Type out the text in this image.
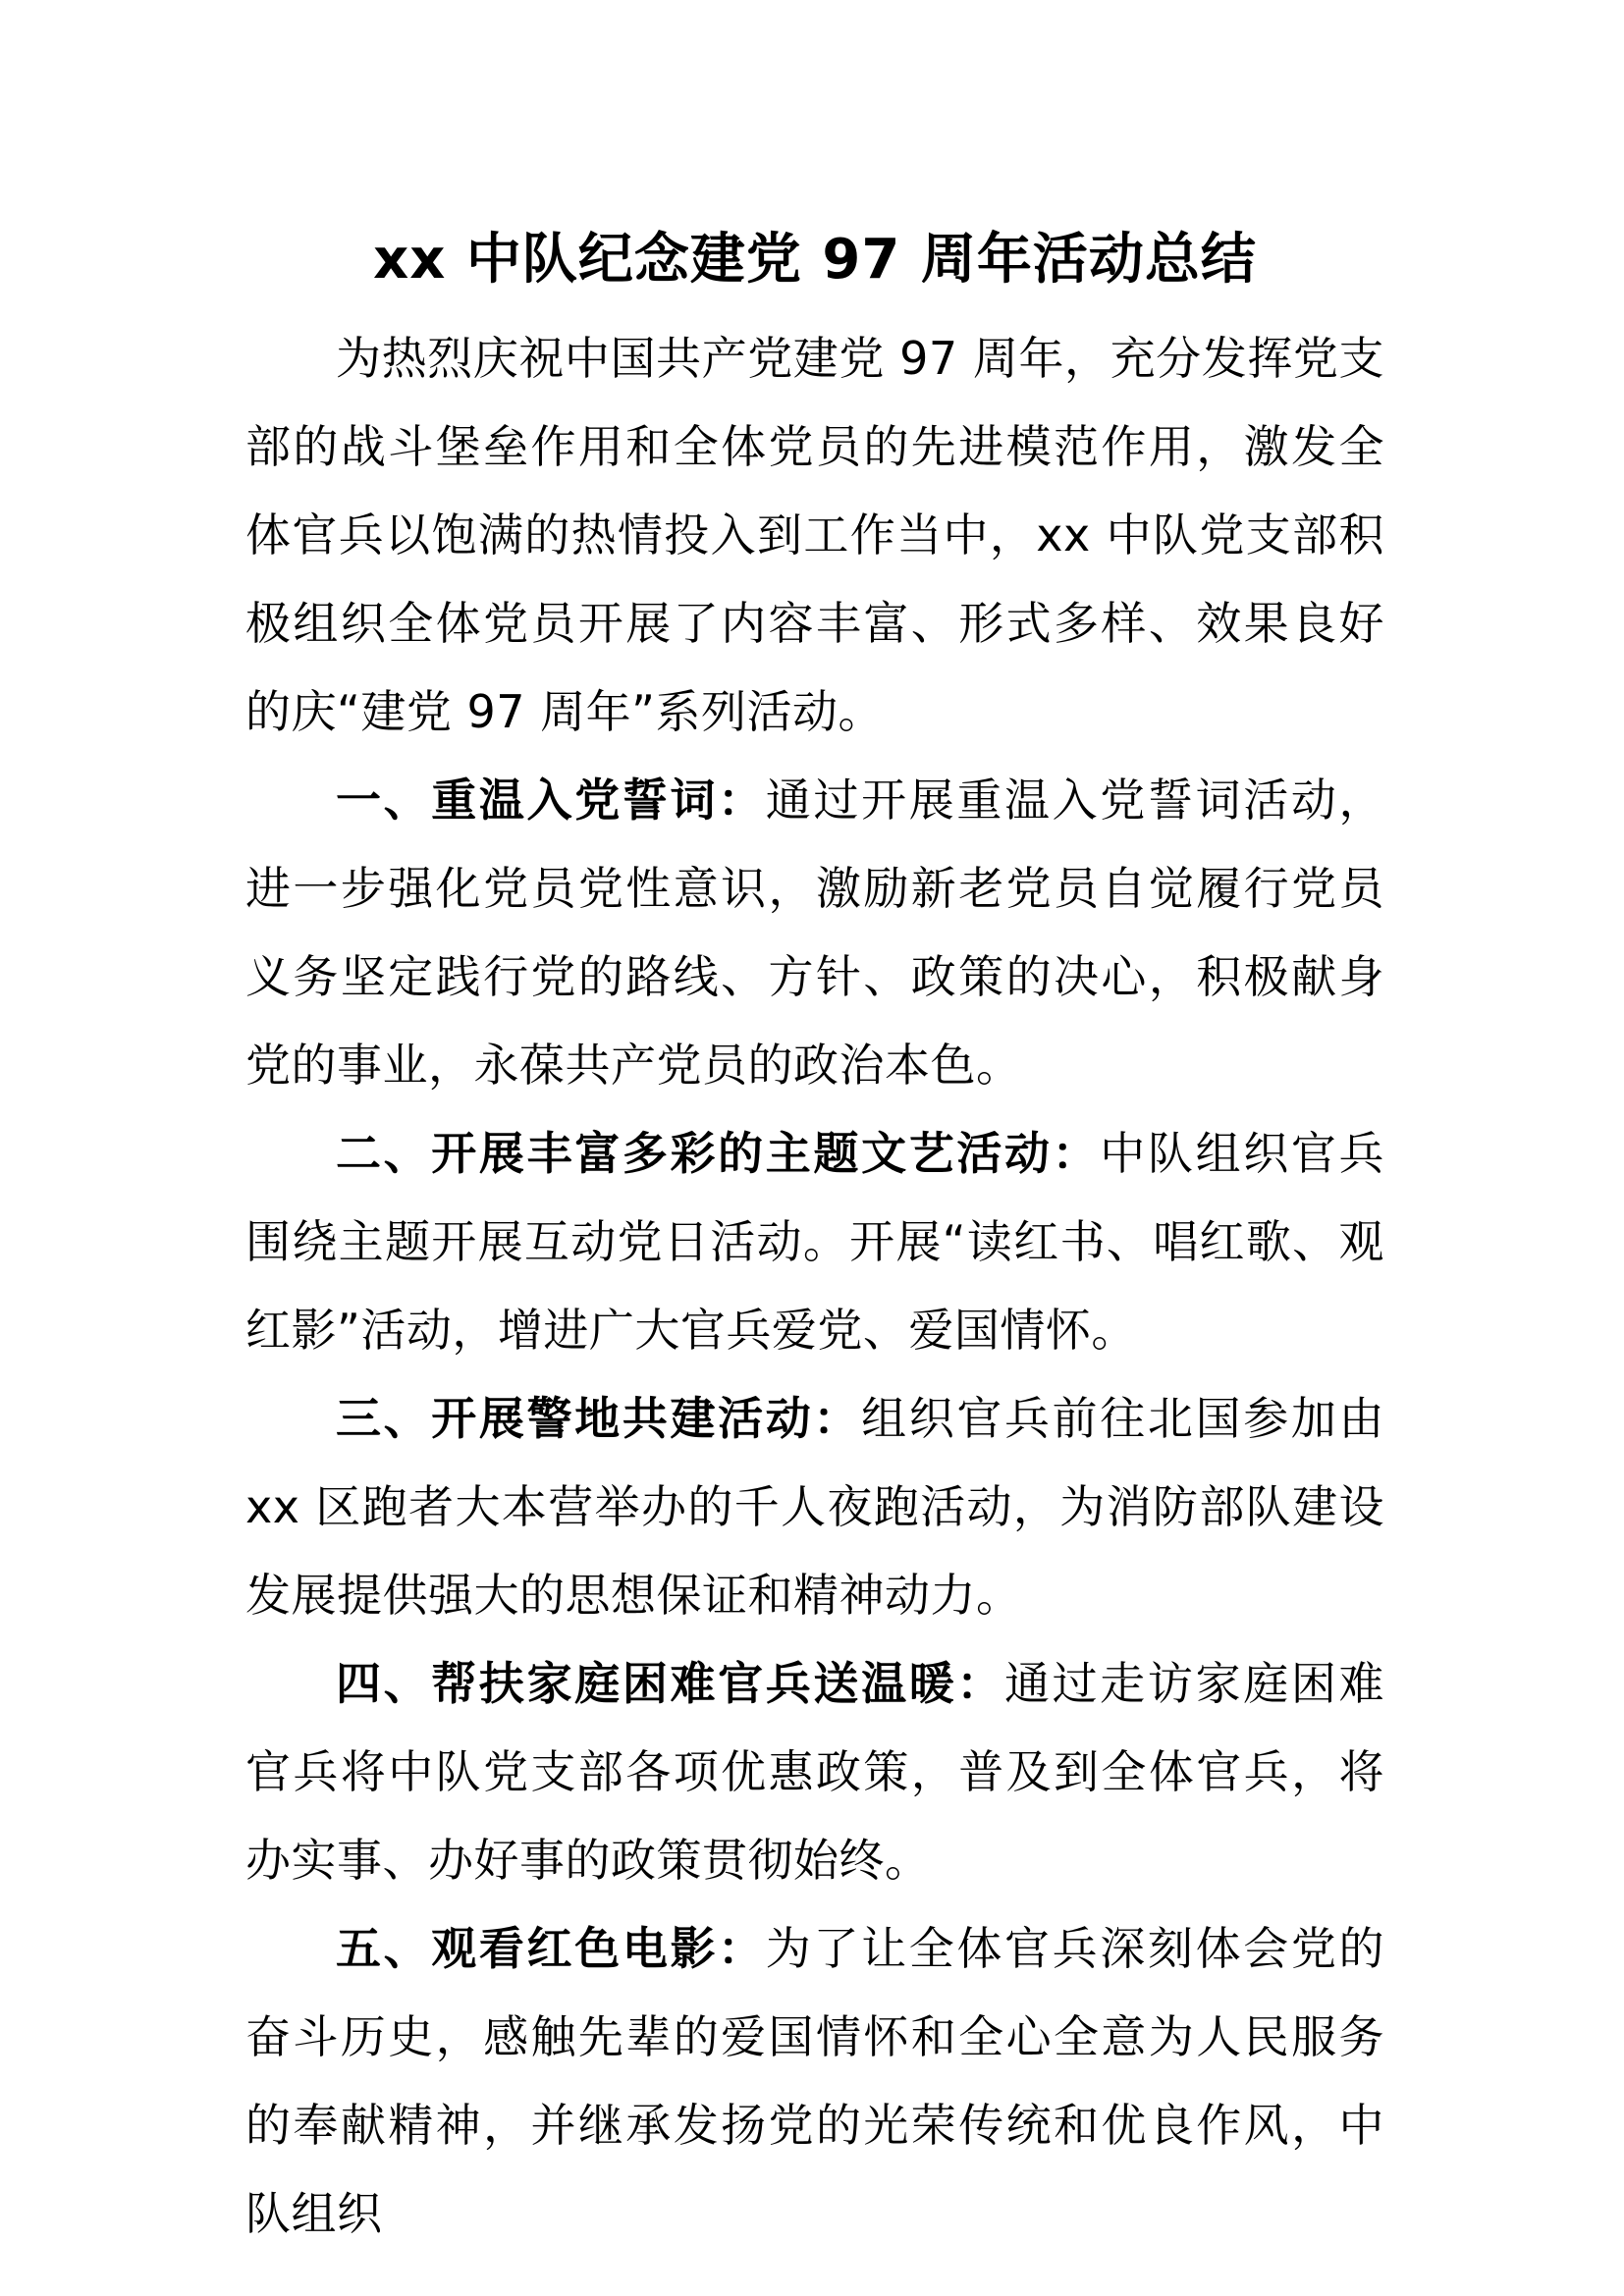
xx 中队纪念建党 97 周年活动总结

为热烈庆祝中国共产党建党 97 周年，充分发挥党支部的战斗堡垒作用和全体党员的先进模范作用，激发全体官兵以饱满的热情投入到工作当中，xx 中队党支部积极组织全体党员开展了内容丰富、形式多样、效果良好的庆“建党 97 周年”系列活动。

一、重温入党誓词：通过开展重温入党誓词活动，进一步强化党员党性意识，激励新老党员自觉履行党员义务坚定践行党的路线、方针、政策的决心，积极献身党的事业，永葆共产党员的政治本色。

二、开展丰富多彩的主题文艺活动：中队组织官兵围绕主题开展互动党日活动。开展“读红书、唱红歌、观红影”活动，增进广大官兵爱党、爱国情怀。

三、开展警地共建活动：组织官兵前往北国参加由 xx 区跑者大本营举办的千人夜跑活动，为消防部队建设发展提供强大的思想保证和精神动力。

四、帮扶家庭困难官兵送温暖：通过走访家庭困难官兵将中队党支部各项优惠政策，普及到全体官兵，将办实事、办好事的政策贯彻始终。

五、观看红色电影：为了让全体官兵深刻体会党的奋斗历史，感触先辈的爱国情怀和全心全意为人民服务的奉献精神，并继承发扬党的光荣传统和优良作风，中队组织
